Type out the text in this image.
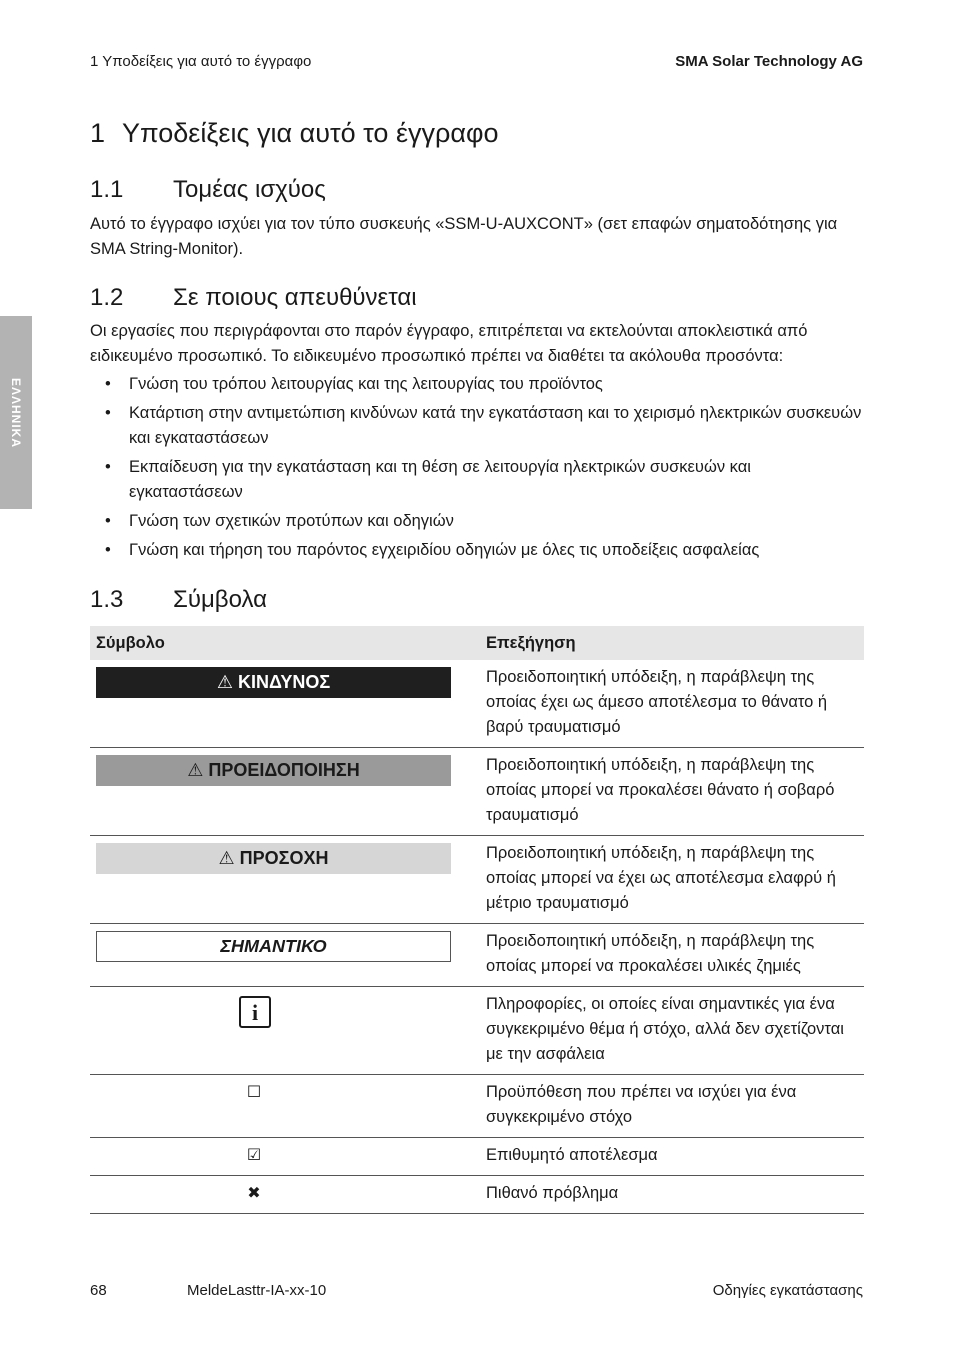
1 Υποδείξεις για αυτό το έγγραφο	SMA Solar Technology AG
ΕΛΛΗΝΙΚΑ
1 Υποδείξεις για αυτό το έγγραφο
1.1 Τομέας ισχύος

Αυτό το έγγραφο ισχύει για τον τύπο συσκευής «SSM-U-AUXCONT» (σετ επαφών σηματοδότησης για SMA String-Monitor).

1.2 Σε ποιους απευθύνεται

Οι εργασίες που περιγράφονται στο παρόν έγγραφο, επιτρέπεται να εκτελούνται αποκλειστικά από ειδικευμένο προσωπικό. Το ειδικευμένο προσωπικό πρέπει να διαθέτει τα ακόλουθα προσόντα:

• Γνώση του τρόπου λειτουργίας και της λειτουργίας του προϊόντος
• Κατάρτιση στην αντιμετώπιση κινδύνων κατά την εγκατάσταση και το χειρισμό ηλεκτρικών συσκευών και εγκαταστάσεων
• Εκπαίδευση για την εγκατάσταση και τη θέση σε λειτουργία ηλεκτρικών συσκευών και εγκαταστάσεων
• Γνώση των σχετικών προτύπων και οδηγιών
• Γνώση και τήρηση του παρόντος εγχειριδίου οδηγιών με όλες τις υποδείξεις ασφαλείας
1.3 Σύμβολα
Σύμβολο	Επεξήγηση

⚠ ΚΙΝΔΥΝΟΣ	Προειδοποιητική υπόδειξη, η παράβλεψη της οποίας έχει ως άμεσο αποτέλεσμα το θάνατο ή βαρύ τραυματισμό

⚠ ΠΡΟΕΙΔΟΠΟΙΗΣΗ	Προειδοποιητική υπόδειξη, η παράβλεψη της οποίας μπορεί να προκαλέσει θάνατο ή σοβαρό τραυματισμό

⚠ ΠΡΟΣΟΧΗ	Προειδοποιητική υπόδειξη, η παράβλεψη της οποίας μπορεί να έχει ως αποτέλεσμα ελαφρύ ή μέτριο τραυματισμό

ΣΗΜΑΝΤΙΚΟ	Προειδοποιητική υπόδειξη, η παράβλεψη της οποίας μπορεί να προκαλέσει υλικές ζημιές

i	Πληροφορίες, οι οποίες είναι σημαντικές για ένα συγκεκριμένο θέμα ή στόχο, αλλά δεν σχετίζονται με την ασφάλεια

☐	Προϋπόθεση που πρέπει να ισχύει για ένα συγκεκριμένο στόχο

☑	Επιθυμητό αποτέλεσμα

✖	Πιθανό πρόβλημα
68	MeldeLasttr-IA-xx-10	Οδηγίες εγκατάστασης
